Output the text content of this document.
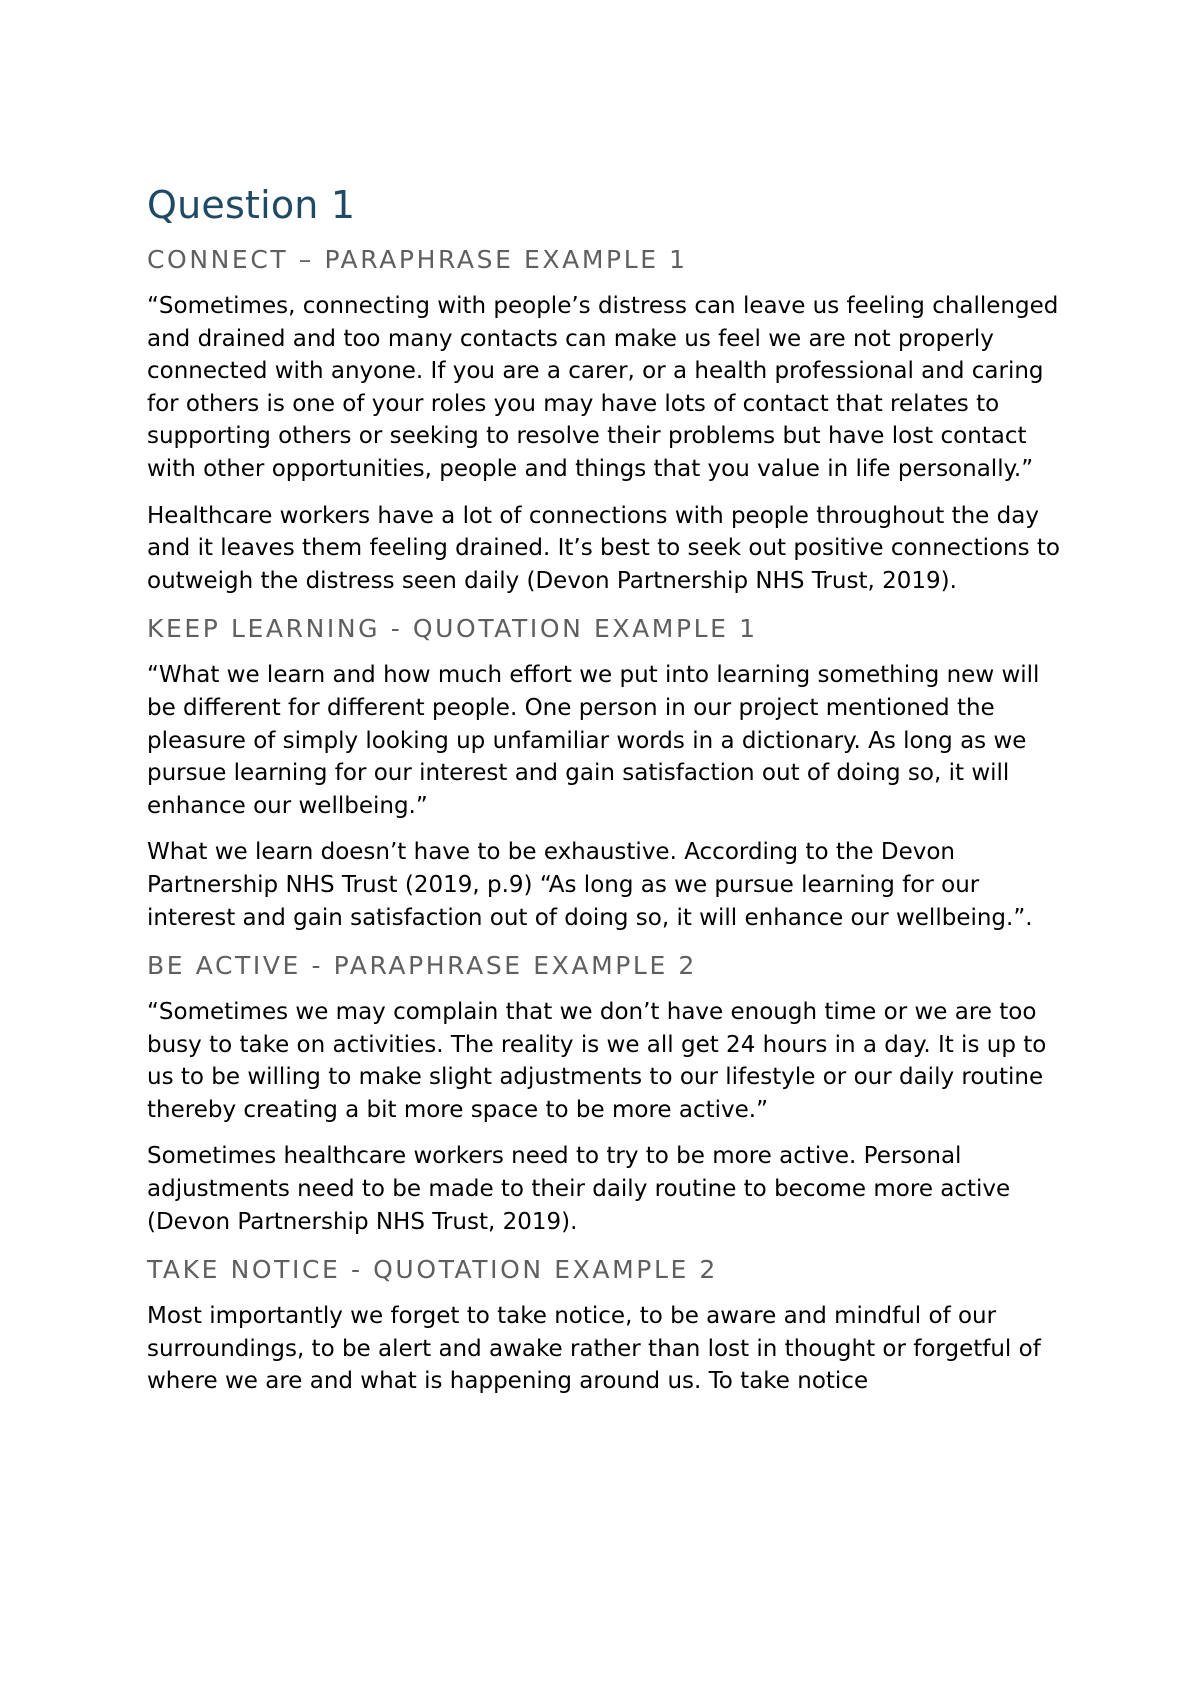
Question 1
CONNECT – PARAPHRASE EXAMPLE 1

“Sometimes, connecting with people’s distress can leave us feeling challenged and drained and too many contacts can make us feel we are not properly connected with anyone. If you are a carer, or a health professional and caring for others is one of your roles you may have lots of contact that relates to supporting others or seeking to resolve their problems but have lost contact with other opportunities, people and things that you value in life personally.”

Healthcare workers have a lot of connections with people throughout the day and it leaves them feeling drained. It’s best to seek out positive connections to outweigh the distress seen daily (Devon Partnership NHS Trust, 2019).

KEEP LEARNING - QUOTATION EXAMPLE 1

“What we learn and how much effort we put into learning something new will be different for different people. One person in our project mentioned the pleasure of simply looking up unfamiliar words in a dictionary. As long as we pursue learning for our interest and gain satisfaction out of doing so, it will enhance our wellbeing.”

What we learn doesn’t have to be exhaustive. According to the Devon Partnership NHS Trust (2019, p.9) “As long as we pursue learning for our interest and gain satisfaction out of doing so, it will enhance our wellbeing.”.

BE ACTIVE - PARAPHRASE EXAMPLE 2

“Sometimes we may complain that we don’t have enough time or we are too busy to take on activities. The reality is we all get 24 hours in a day. It is up to us to be willing to make slight adjustments to our lifestyle or our daily routine thereby creating a bit more space to be more active.”

Sometimes healthcare workers need to try to be more active. Personal adjustments need to be made to their daily routine to become more active (Devon Partnership NHS Trust, 2019).

TAKE NOTICE - QUOTATION EXAMPLE 2

Most importantly we forget to take notice, to be aware and mindful of our surroundings, to be alert and awake rather than lost in thought or forgetful of where we are and what is happening around us. To take notice
